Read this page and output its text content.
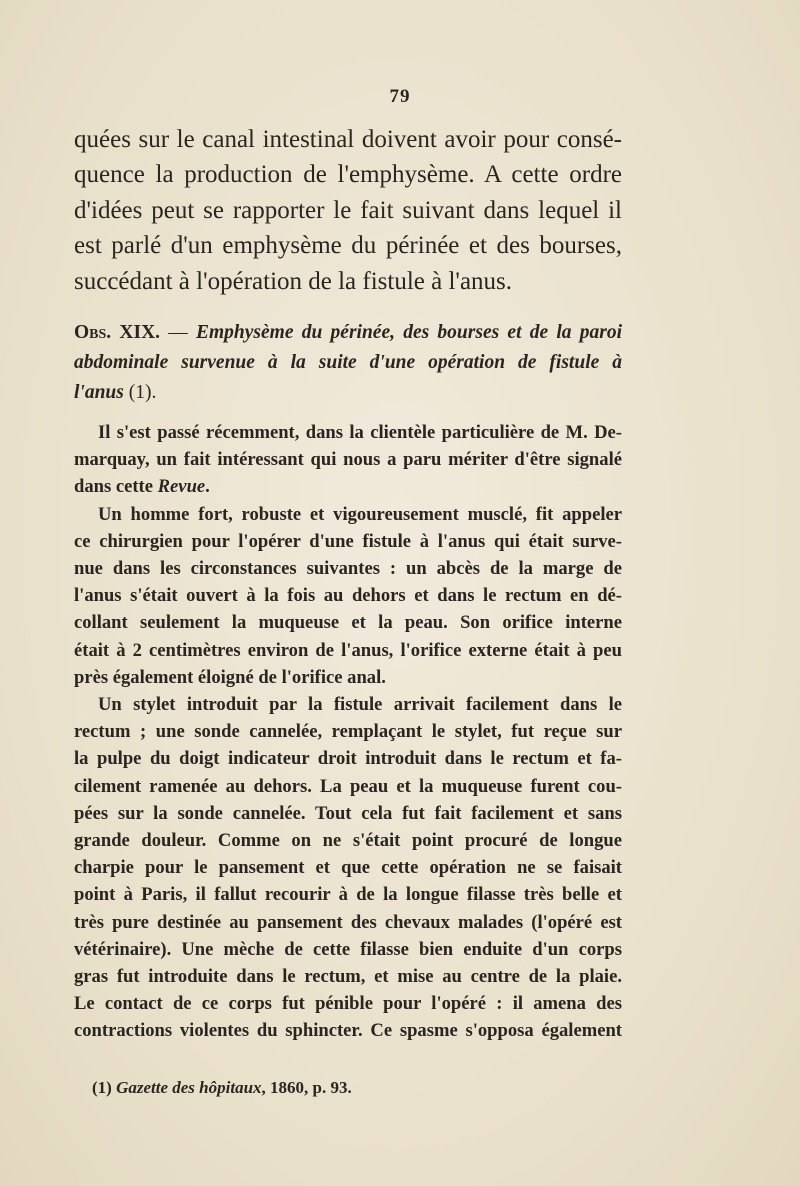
79
quées sur le canal intestinal doivent avoir pour consé-
quence la production de l'emphysème. A cette ordre
d'idées peut se rapporter le fait suivant dans lequel il
est parlé d'un emphysème du périnée et des bourses,
succédant à l'opération de la fistule à l'anus.
Obs. XIX. — Emphysème du périnée, des bourses et de la paroi
abdominale survenue à la suite d'une opération de fistule à
l'anus (1).
Il s'est passé récemment, dans la clientèle particulière de M. De-
marquay, un fait intéressant qui nous a paru mériter d'être signalé
dans cette Revue.
Un homme fort, robuste et vigoureusement musclé, fit appeler
ce chirurgien pour l'opérer d'une fistule à l'anus qui était surve-
nue dans les circonstances suivantes : un abcès de la marge de
l'anus s'était ouvert à la fois au dehors et dans le rectum en dé-
collant seulement la muqueuse et la peau. Son orifice interne
était à 2 centimètres environ de l'anus, l'orifice externe était à peu
près également éloigné de l'orifice anal.
Un stylet introduit par la fistule arrivait facilement dans le
rectum ; une sonde cannelée, remplaçant le stylet, fut reçue sur
la pulpe du doigt indicateur droit introduit dans le rectum et fa-
cilement ramenée au dehors. La peau et la muqueuse furent cou-
pées sur la sonde cannelée. Tout cela fut fait facilement et sans
grande douleur. Comme on ne s'était point procuré de longue
charpie pour le pansement et que cette opération ne se faisait
point à Paris, il fallut recourir à de la longue filasse très belle et
très pure destinée au pansement des chevaux malades (l'opéré est
vétérinaire). Une mèche de cette filasse bien enduite d'un corps
gras fut introduite dans le rectum, et mise au centre de la plaie.
Le contact de ce corps fut pénible pour l'opéré : il amena des
contractions violentes du sphincter. Ce spasme s'opposa également
(1) Gazette des hôpitaux, 1860, p. 93.
